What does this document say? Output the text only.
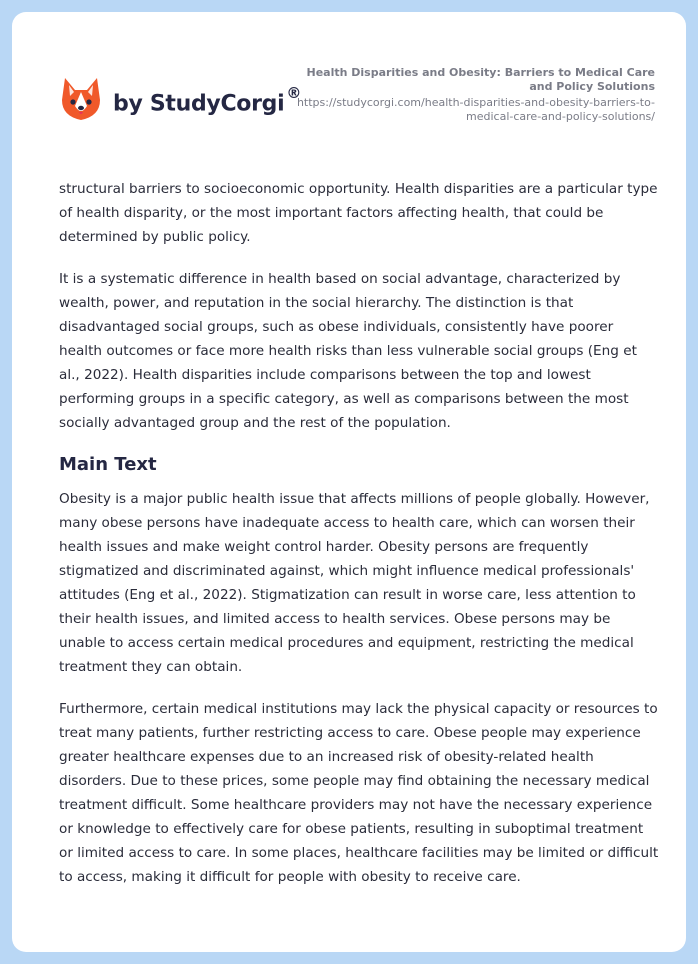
by StudyCorgi ®
Health Disparities and Obesity: Barriers to Medical Care and Policy Solutions
https://studycorgi.com/health-disparities-and-obesity-barriers-to-medical-care-and-policy-solutions/

structural barriers to socioeconomic opportunity. Health disparities are a particular type of health disparity, or the most important factors affecting health, that could be determined by public policy.

It is a systematic difference in health based on social advantage, characterized by wealth, power, and reputation in the social hierarchy. The distinction is that disadvantaged social groups, such as obese individuals, consistently have poorer health outcomes or face more health risks than less vulnerable social groups (Eng et al., 2022). Health disparities include comparisons between the top and lowest performing groups in a specific category, as well as comparisons between the most socially advantaged group and the rest of the population.

Main Text

Obesity is a major public health issue that affects millions of people globally. However, many obese persons have inadequate access to health care, which can worsen their health issues and make weight control harder. Obesity persons are frequently stigmatized and discriminated against, which might influence medical professionals' attitudes (Eng et al., 2022). Stigmatization can result in worse care, less attention to their health issues, and limited access to health services. Obese persons may be unable to access certain medical procedures and equipment, restricting the medical treatment they can obtain.

Furthermore, certain medical institutions may lack the physical capacity or resources to treat many patients, further restricting access to care. Obese people may experience greater healthcare expenses due to an increased risk of obesity-related health disorders. Due to these prices, some people may find obtaining the necessary medical treatment difficult. Some healthcare providers may not have the necessary experience or knowledge to effectively care for obese patients, resulting in suboptimal treatment or limited access to care. In some places, healthcare facilities may be limited or difficult to access, making it difficult for people with obesity to receive care.
